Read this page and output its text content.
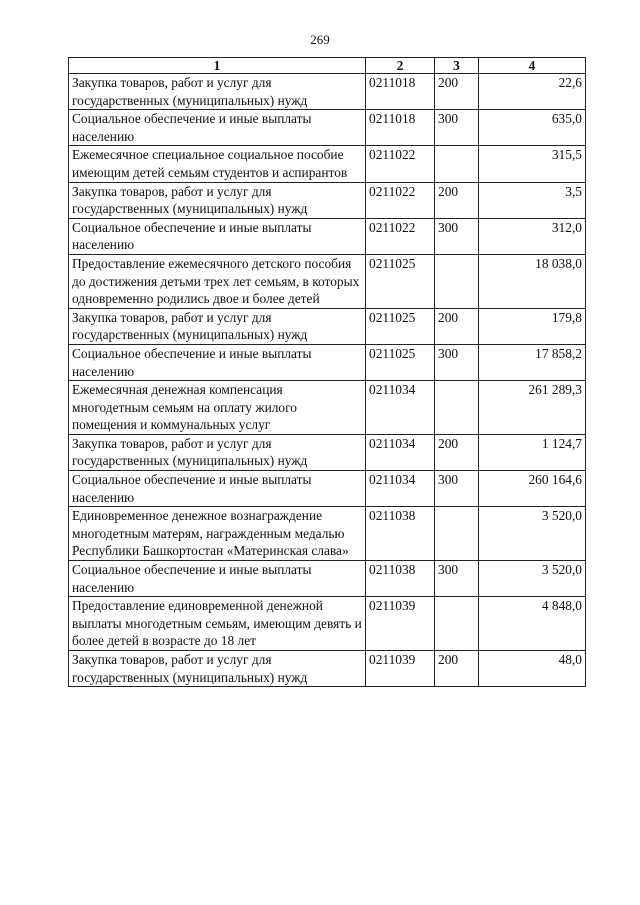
269
1	2	3	4
Закупка товаров, работ и услуг для государственных (муниципальных) нужд	0211018	200	22,6
Социальное обеспечение и иные выплаты населению	0211018	300	635,0
Ежемесячное специальное социальное пособие имеющим детей семьям студентов и аспирантов	0211022		315,5
Закупка товаров, работ и услуг для государственных (муниципальных) нужд	0211022	200	3,5
Социальное обеспечение и иные выплаты населению	0211022	300	312,0
Предоставление ежемесячного детского пособия до достижения детьми трех лет семьям, в которых одновременно родились двое и более детей	0211025		18 038,0
Закупка товаров, работ и услуг для государственных (муниципальных) нужд	0211025	200	179,8
Социальное обеспечение и иные выплаты населению	0211025	300	17 858,2
Ежемесячная денежная компенсация многодетным семьям на оплату жилого помещения и коммунальных услуг	0211034		261 289,3
Закупка товаров, работ и услуг для государственных (муниципальных) нужд	0211034	200	1 124,7
Социальное обеспечение и иные выплаты населению	0211034	300	260 164,6
Единовременное денежное вознаграждение многодетным матерям, награжденным медалью Республики Башкортостан «Материнская слава»	0211038		3 520,0
Социальное обеспечение и иные выплаты населению	0211038	300	3 520,0
Предоставление единовременной денежной выплаты многодетным семьям, имеющим девять и более детей в возрасте до 18 лет	0211039		4 848,0
Закупка товаров, работ и услуг для государственных (муниципальных) нужд	0211039	200	48,0
